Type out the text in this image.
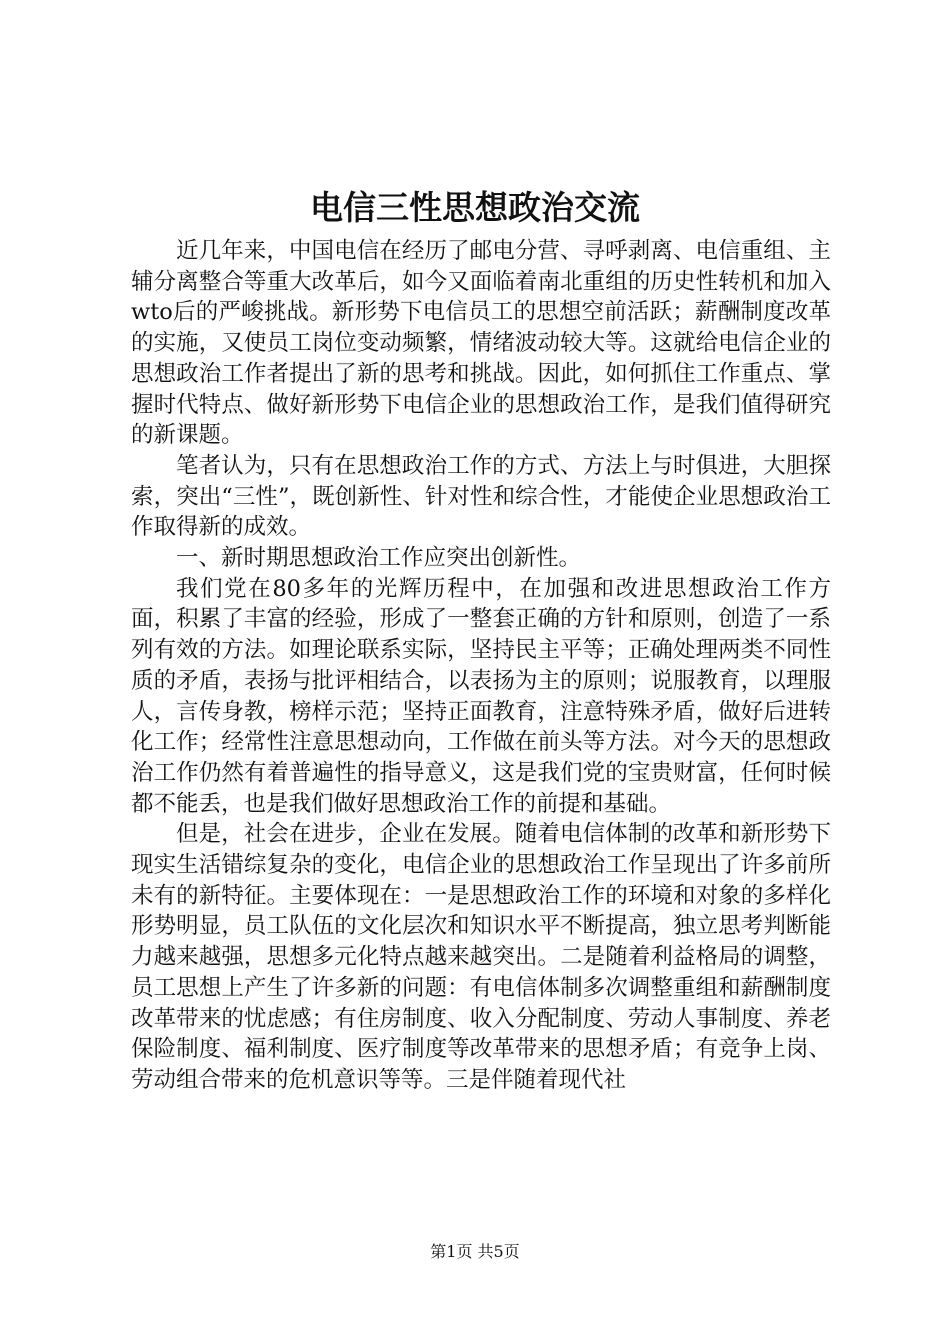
电信三性思想政治交流

近几年来，中国电信在经历了邮电分营、寻呼剥离、电信重组、主辅分离整合等重大改革后，如今又面临着南北重组的历史性转机和加入wto后的严峻挑战。新形势下电信员工的思想空前活跃；薪酬制度改革的实施，又使员工岗位变动频繁，情绪波动较大等。这就给电信企业的思想政治工作者提出了新的思考和挑战。因此，如何抓住工作重点、掌握时代特点、做好新形势下电信企业的思想政治工作，是我们值得研究的新课题。

笔者认为，只有在思想政治工作的方式、方法上与时俱进，大胆探索，突出“三性”，既创新性、针对性和综合性，才能使企业思想政治工作取得新的成效。

一、新时期思想政治工作应突出创新性。

我们党在80多年的光辉历程中，在加强和改进思想政治工作方面，积累了丰富的经验，形成了一整套正确的方针和原则，创造了一系列有效的方法。如理论联系实际，坚持民主平等；正确处理两类不同性质的矛盾，表扬与批评相结合，以表扬为主的原则；说服教育，以理服人，言传身教，榜样示范；坚持正面教育，注意特殊矛盾，做好后进转化工作；经常性注意思想动向，工作做在前头等方法。对今天的思想政治工作仍然有着普遍性的指导意义，这是我们党的宝贵财富，任何时候都不能丢，也是我们做好思想政治工作的前提和基础。

但是，社会在进步，企业在发展。随着电信体制的改革和新形势下现实生活错综复杂的变化，电信企业的思想政治工作呈现出了许多前所未有的新特征。主要体现在：一是思想政治工作的环境和对象的多样化形势明显，员工队伍的文化层次和知识水平不断提高，独立思考判断能力越来越强，思想多元化特点越来越突出。二是随着利益格局的调整，员工思想上产生了许多新的问题：有电信体制多次调整重组和薪酬制度改革带来的忧虑感；有住房制度、收入分配制度、劳动人事制度、养老保险制度、福利制度、医疗制度等改革带来的思想矛盾；有竞争上岗、劳动组合带来的危机意识等等。三是伴随着现代社

第1页 共5页
